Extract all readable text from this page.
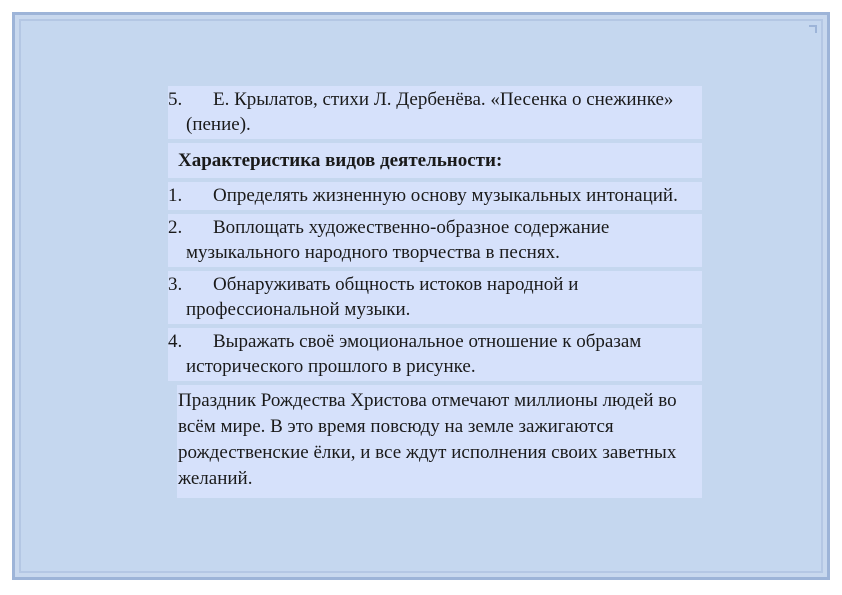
5. Е. Крылатов, стихи Л. Дербенёва. «Песенка о снежинке» (пение).
Характеристика видов деятельности:
1. Определять жизненную основу музыкальных интонаций.
2. Воплощать художественно-образное содержание музыкального народного творчества в песнях.
3. Обнаруживать общность истоков народной и профессиональной музыки.
4. Выражать своё эмоциональное отношение к образам исторического прошлого в рисунке.
Праздник Рождества Христова отмечают миллионы людей во всём мире. В это время повсюду на земле зажигаются рождественские ёлки, и все ждут исполнения своих заветных желаний.
